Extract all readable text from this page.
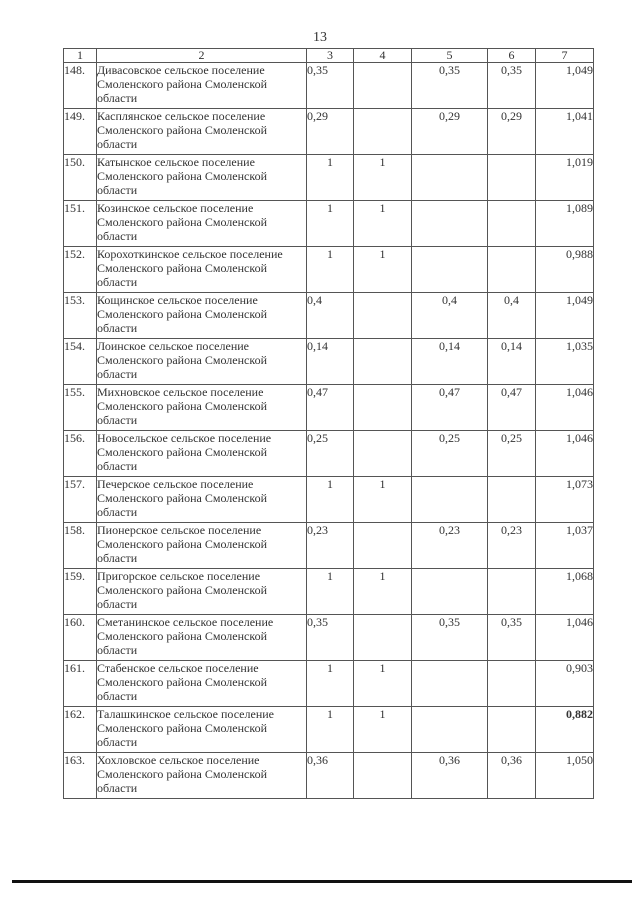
13
1	2	3	4	5	6	7
148.	Дивасовское сельское поселение Смоленского района Смоленской области	0,35		0,35	0,35	1,049
149.	Касплянское сельское поселение Смоленского района Смоленской области	0,29		0,29	0,29	1,041
150.	Катынское сельское поселение Смоленского района Смоленской области	1	1			1,019
151.	Козинское сельское поселение Смоленского района Смоленской области	1	1			1,089
152.	Корохоткинское сельское поселение Смоленского района Смоленской области	1	1			0,988
153.	Кощинское сельское поселение Смоленского района Смоленской области	0,4		0,4	0,4	1,049
154.	Лоинское сельское поселение Смоленского района Смоленской области	0,14		0,14	0,14	1,035
155.	Михновское сельское поселение Смоленского района Смоленской области	0,47		0,47	0,47	1,046
156.	Новосельское сельское поселение Смоленского района Смоленской области	0,25		0,25	0,25	1,046
157.	Печерское сельское поселение Смоленского района Смоленской области	1	1			1,073
158.	Пионерское сельское поселение Смоленского района Смоленской области	0,23		0,23	0,23	1,037
159.	Пригорское сельское поселение Смоленского района Смоленской области	1	1			1,068
160.	Сметанинское сельское поселение Смоленского района Смоленской области	0,35		0,35	0,35	1,046
161.	Стабенское сельское поселение Смоленского района Смоленской области	1	1			0,903
162.	Талашкинское сельское поселение Смоленского района Смоленской области	1	1			0,882
163.	Хохловское сельское поселение Смоленского района Смоленской области	0,36		0,36	0,36	1,050
